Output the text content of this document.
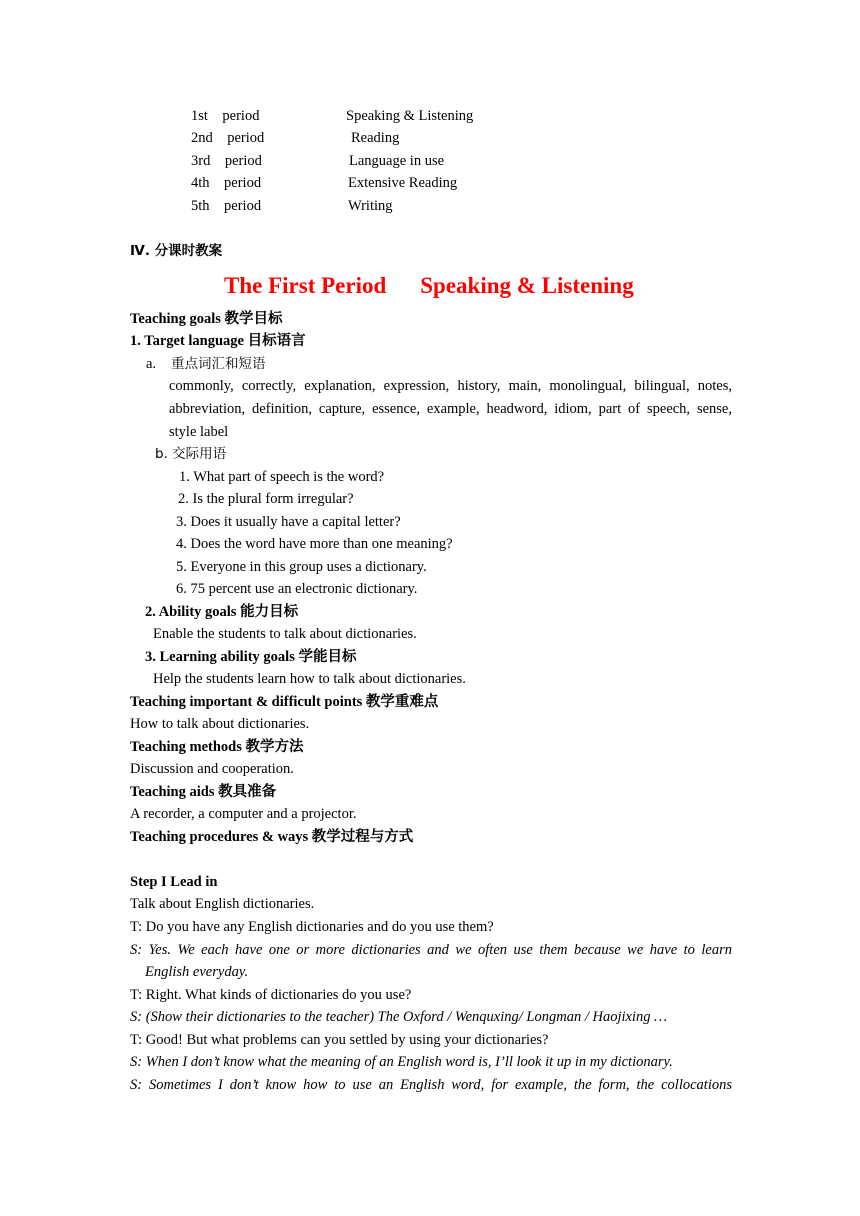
1st    period	Speaking & Listening
2nd    period	Reading
3rd    period	Language in use
4th    period	Extensive Reading
5th    period	Writing
Ⅳ. 分课时教案
The First Period Speaking & Listening
Teaching goals 教学目标
1. Target language 目标语言
a. 重点词汇和短语
commonly, correctly, explanation, expression, history, main, monolingual, bilingual, notes,
abbreviation, definition, capture, essence, example, headword, idiom, part of speech, sense,
style label
b. 交际用语
1. What part of speech is the word?
2. Is the plural form irregular?
3. Does it usually have a capital letter?
4. Does the word have more than one meaning?
5. Everyone in this group uses a dictionary.
6. 75 percent use an electronic dictionary.
2. Ability goals 能力目标
Enable the students to talk about dictionaries.
3. Learning ability goals 学能目标
Help the students learn how to talk about dictionaries.
Teaching important & difficult points 教学重难点
How to talk about dictionaries.
Teaching methods 教学方法
Discussion and cooperation.
Teaching aids 教具准备
A recorder, a computer and a projector.
Teaching procedures & ways 教学过程与方式
Step I Lead in
Talk about English dictionaries.
T: Do you have any English dictionaries and do you use them?
S: Yes. We each have one or more dictionaries and we often use them because we have to learn
English everyday.
T: Right. What kinds of dictionaries do you use?
S: (Show their dictionaries to the teacher) The Oxford / Wenquxing/ Longman / Haojixing …
T: Good! But what problems can you settled by using your dictionaries?
S: When I don’t know what the meaning of an English word is, I’ll look it up in my dictionary.
S: Sometimes I don’t know how to use an English word, for example, the form, the collocations
